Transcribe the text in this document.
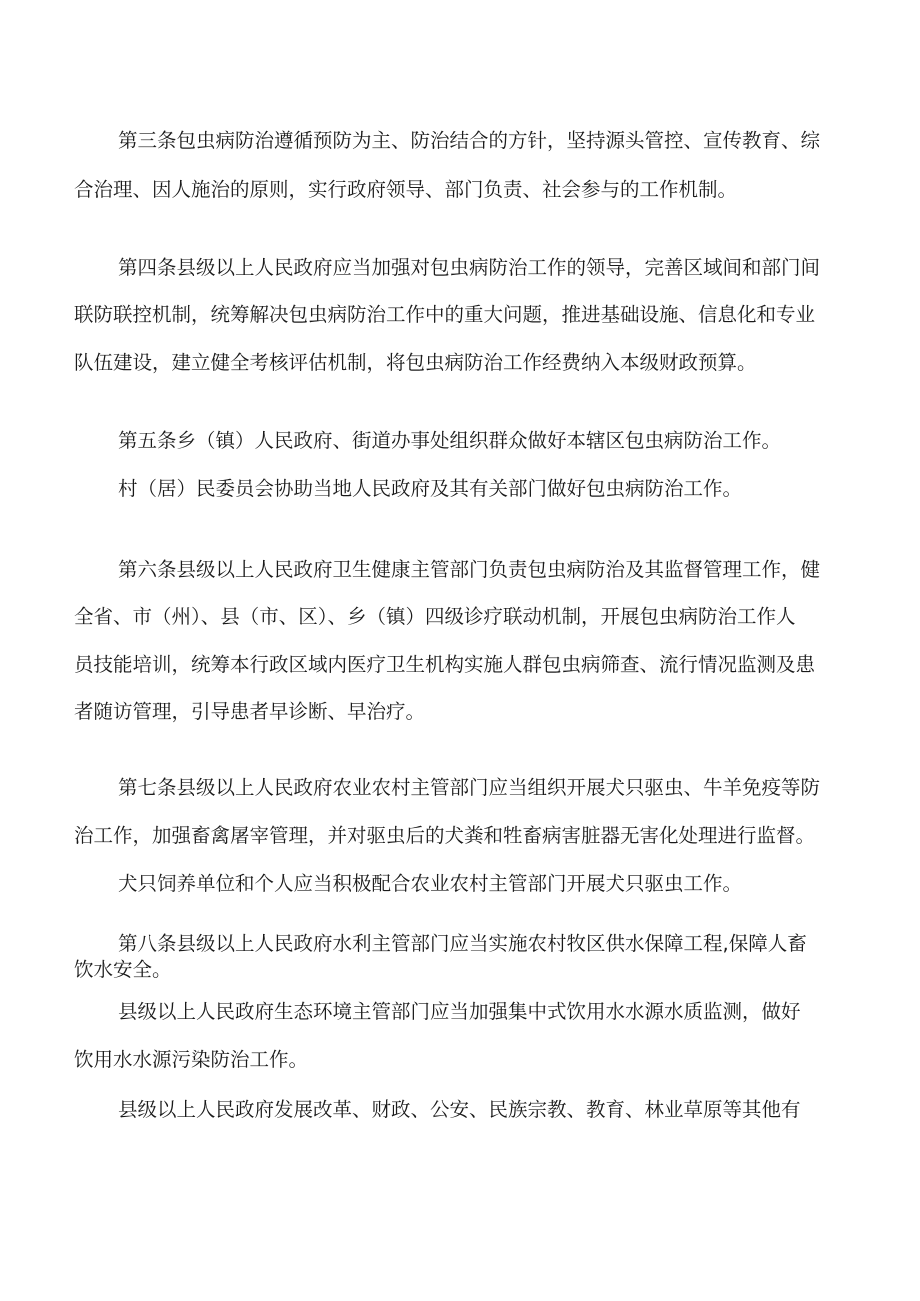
第三条包虫病防治遵循预防为主、防治结合的方针，坚持源头管控、宣传教育、综

合治理、因人施治的原则，实行政府领导、部门负责、社会参与的工作机制。

第四条县级以上人民政府应当加强对包虫病防治工作的领导，完善区域间和部门间

联防联控机制，统筹解决包虫病防治工作中的重大问题，推进基础设施、信息化和专业

队伍建设，建立健全考核评估机制，将包虫病防治工作经费纳入本级财政预算。

第五条乡（镇）人民政府、街道办事处组织群众做好本辖区包虫病防治工作。

村（居）民委员会协助当地人民政府及其有关部门做好包虫病防治工作。

第六条县级以上人民政府卫生健康主管部门负责包虫病防治及其监督管理工作，健

全省、市（州）、县（市、区）、乡（镇）四级诊疗联动机制，开展包虫病防治工作人

员技能培训，统筹本行政区域内医疗卫生机构实施人群包虫病筛查、流行情况监测及患

者随访管理，引导患者早诊断、早治疗。

第七条县级以上人民政府农业农村主管部门应当组织开展犬只驱虫、牛羊免疫等防

治工作，加强畜禽屠宰管理，并对驱虫后的犬粪和牲畜病害脏器无害化处理进行监督。

犬只饲养单位和个人应当积极配合农业农村主管部门开展犬只驱虫工作。

第八条县级以上人民政府水利主管部门应当实施农村牧区供水保障工程,保障人畜

饮水安全。

县级以上人民政府生态环境主管部门应当加强集中式饮用水水源水质监测，做好

饮用水水源污染防治工作。

县级以上人民政府发展改革、财政、公安、民族宗教、教育、林业草原等其他有
